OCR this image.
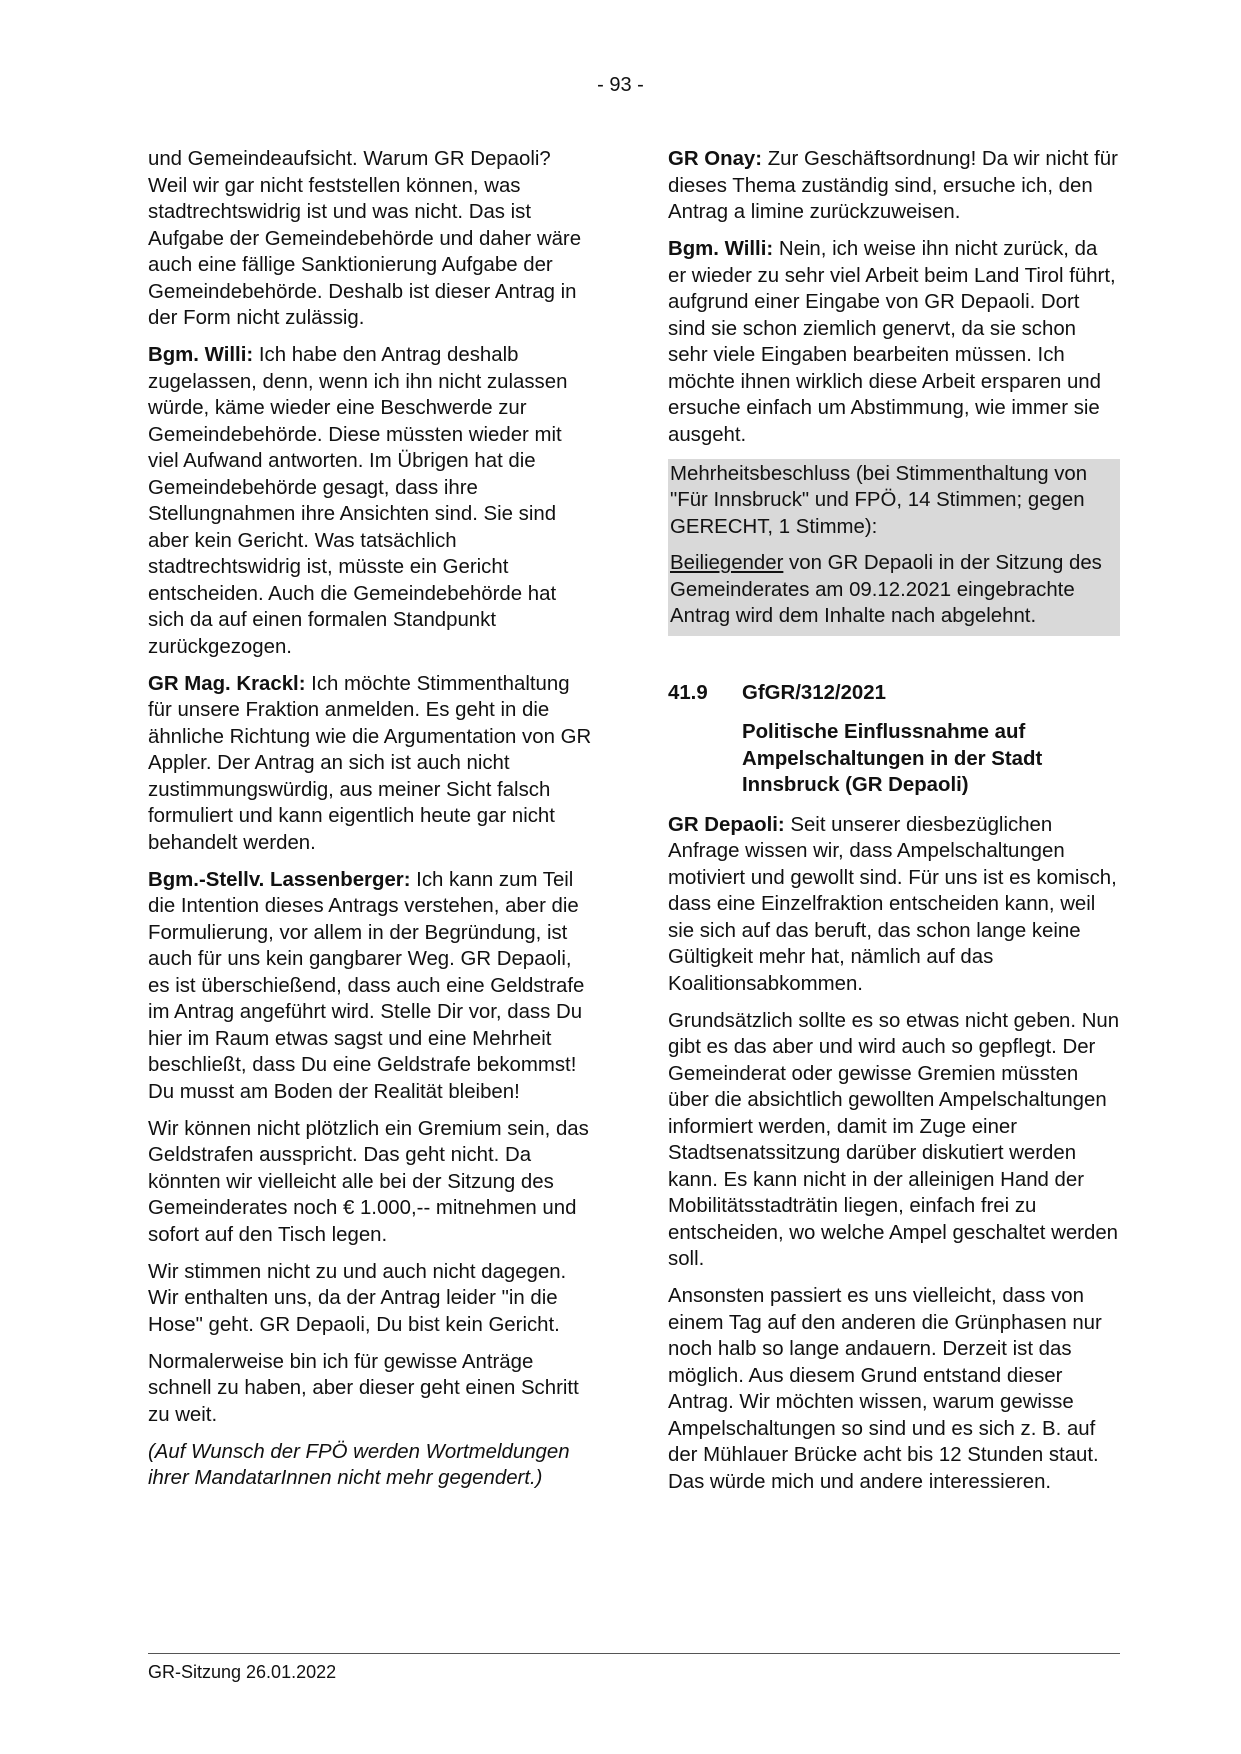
- 93 -

und Gemeindeaufsicht. Warum GR Depaoli? Weil wir gar nicht feststellen können, was stadtrechtswidrig ist und was nicht. Das ist Aufgabe der Gemeindebehörde und daher wäre auch eine fällige Sanktionierung Aufgabe der Gemeindebehörde. Deshalb ist dieser Antrag in der Form nicht zulässig.

Bgm. Willi: Ich habe den Antrag deshalb zugelassen, denn, wenn ich ihn nicht zulassen würde, käme wieder eine Beschwerde zur Gemeindebehörde. Diese müssten wieder mit viel Aufwand antworten. Im Übrigen hat die Gemeindebehörde gesagt, dass ihre Stellungnahmen ihre Ansichten sind. Sie sind aber kein Gericht. Was tatsächlich stadtrechtswidrig ist, müsste ein Gericht entscheiden. Auch die Gemeindebehörde hat sich da auf einen formalen Standpunkt zurückgezogen.

GR Mag. Krackl: Ich möchte Stimmenthaltung für unsere Fraktion anmelden. Es geht in die ähnliche Richtung wie die Argumentation von GR Appler. Der Antrag an sich ist auch nicht zustimmungswürdig, aus meiner Sicht falsch formuliert und kann eigentlich heute gar nicht behandelt werden.

Bgm.-Stellv. Lassenberger: Ich kann zum Teil die Intention dieses Antrags verstehen, aber die Formulierung, vor allem in der Begründung, ist auch für uns kein gangbarer Weg. GR Depaoli, es ist überschießend, dass auch eine Geldstrafe im Antrag angeführt wird. Stelle Dir vor, dass Du hier im Raum etwas sagst und eine Mehrheit beschließt, dass Du eine Geldstrafe bekommst! Du musst am Boden der Realität bleiben!

Wir können nicht plötzlich ein Gremium sein, das Geldstrafen ausspricht. Das geht nicht. Da könnten wir vielleicht alle bei der Sitzung des Gemeinderates noch € 1.000,-- mitnehmen und sofort auf den Tisch legen.

Wir stimmen nicht zu und auch nicht dagegen. Wir enthalten uns, da der Antrag leider "in die Hose" geht. GR Depaoli, Du bist kein Gericht.

Normalerweise bin ich für gewisse Anträge schnell zu haben, aber dieser geht einen Schritt zu weit.

(Auf Wunsch der FPÖ werden Wortmeldungen ihrer MandatarInnen nicht mehr gegendert.)

GR Onay: Zur Geschäftsordnung! Da wir nicht für dieses Thema zuständig sind, ersuche ich, den Antrag a limine zurückzuweisen.

Bgm. Willi: Nein, ich weise ihn nicht zurück, da er wieder zu sehr viel Arbeit beim Land Tirol führt, aufgrund einer Eingabe von GR Depaoli. Dort sind sie schon ziemlich genervt, da sie schon sehr viele Eingaben bearbeiten müssen. Ich möchte ihnen wirklich diese Arbeit ersparen und ersuche einfach um Abstimmung, wie immer sie ausgeht.

Mehrheitsbeschluss (bei Stimmenthaltung von "Für Innsbruck" und FPÖ, 14 Stimmen; gegen GERECHT, 1 Stimme):

Beiliegender von GR Depaoli in der Sitzung des Gemeinderates am 09.12.2021 eingebrachte Antrag wird dem Inhalte nach abgelehnt.

41.9	GfGR/312/2021
Politische Einflussnahme auf Ampelschaltungen in der Stadt Innsbruck (GR Depaoli)

GR Depaoli: Seit unserer diesbezüglichen Anfrage wissen wir, dass Ampelschaltungen motiviert und gewollt sind. Für uns ist es komisch, dass eine Einzelfraktion entscheiden kann, weil sie sich auf das beruft, das schon lange keine Gültigkeit mehr hat, nämlich auf das Koalitionsabkommen.

Grundsätzlich sollte es so etwas nicht geben. Nun gibt es das aber und wird auch so gepflegt. Der Gemeinderat oder gewisse Gremien müssten über die absichtlich gewollten Ampelschaltungen informiert werden, damit im Zuge einer Stadtsenatssitzung darüber diskutiert werden kann. Es kann nicht in der alleinigen Hand der Mobilitätsstadträtin liegen, einfach frei zu entscheiden, wo welche Ampel geschaltet werden soll.

Ansonsten passiert es uns vielleicht, dass von einem Tag auf den anderen die Grünphasen nur noch halb so lange andauern. Derzeit ist das möglich. Aus diesem Grund entstand dieser Antrag. Wir möchten wissen, warum gewisse Ampelschaltungen so sind und es sich z. B. auf der Mühlauer Brücke acht bis 12 Stunden staut. Das würde mich und andere interessieren.

GR-Sitzung 26.01.2022
